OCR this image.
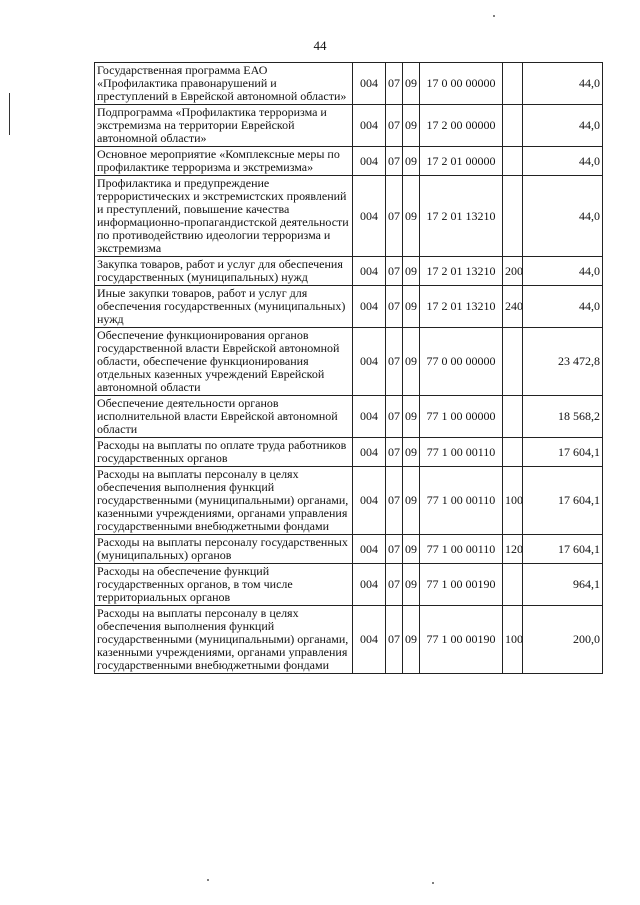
44
Государственная программа ЕАО «Профилактика правонарушений и преступлений в Еврейской автономной области»	004	07	09	17 0 00 00000		44,0
Подпрограмма «Профилактика терроризма и экстремизма на территории Еврейской автономной области»	004	07	09	17 2 00 00000		44,0
Основное мероприятие «Комплексные меры по профилактике терроризма и экстремизма»	004	07	09	17 2 01 00000		44,0
Профилактика и предупреждение террористических и экстремистских проявлений и преступлений, повышение качества информационно-пропагандистской деятельности по противодействию идеологии терроризма и экстремизма	004	07	09	17 2 01 13210		44,0
Закупка товаров, работ и услуг для обеспечения государственных (муниципальных) нужд	004	07	09	17 2 01 13210	200	44,0
Иные закупки товаров, работ и услуг для обеспечения государственных (муниципальных) нужд	004	07	09	17 2 01 13210	240	44,0
Обеспечение функционирования органов государственной власти Еврейской автономной области, обеспечение функционирования отдельных казенных учреждений Еврейской автономной области	004	07	09	77 0 00 00000		23 472,8
Обеспечение деятельности органов исполнительной власти Еврейской автономной области	004	07	09	77 1 00 00000		18 568,2
Расходы на выплаты по оплате труда работников государственных органов	004	07	09	77 1 00 00110		17 604,1
Расходы на выплаты персоналу в целях обеспечения выполнения функций государственными (муниципальными) органами, казенными учреждениями, органами управления государственными внебюджетными фондами	004	07	09	77 1 00 00110	100	17 604,1
Расходы на выплаты персоналу государственных (муниципальных) органов	004	07	09	77 1 00 00110	120	17 604,1
Расходы на обеспечение функций государственных органов, в том числе территориальных органов	004	07	09	77 1 00 00190		964,1
Расходы на выплаты персоналу в целях обеспечения выполнения функций государственными (муниципальными) органами, казенными учреждениями, органами управления государственными внебюджетными фондами	004	07	09	77 1 00 00190	100	200,0
